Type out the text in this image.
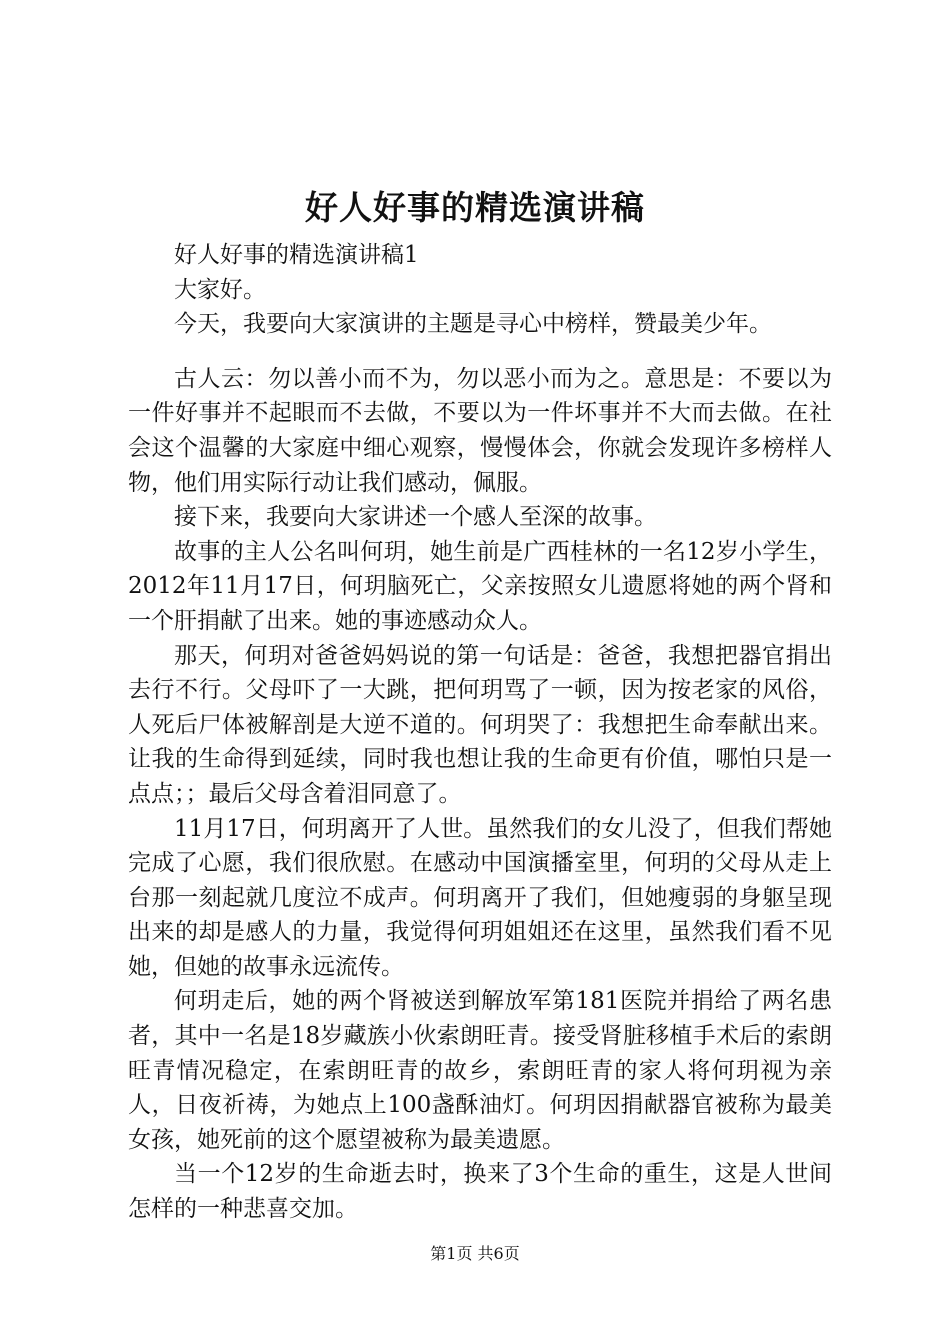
好人好事的精选演讲稿

好人好事的精选演讲稿1

大家好。

今天，我要向大家演讲的主题是寻心中榜样，赞最美少年。

古人云：勿以善小而不为，勿以恶小而为之。意思是：不要以为一件好事并不起眼而不去做，不要以为一件坏事并不大而去做。在社会这个温馨的大家庭中细心观察，慢慢体会，你就会发现许多榜样人物，他们用实际行动让我们感动，佩服。

接下来，我要向大家讲述一个感人至深的故事。

故事的主人公名叫何玥，她生前是广西桂林的一名12岁小学生，2012年11月17日，何玥脑死亡，父亲按照女儿遗愿将她的两个肾和一个肝捐献了出来。她的事迹感动众人。

那天，何玥对爸爸妈妈说的第一句话是：爸爸，我想把器官捐出去行不行。父母吓了一大跳，把何玥骂了一顿，因为按老家的风俗，人死后尸体被解剖是大逆不道的。何玥哭了：我想把生命奉献出来。让我的生命得到延续，同时我也想让我的生命更有价值，哪怕只是一点点；；最后父母含着泪同意了。

11月17日，何玥离开了人世。虽然我们的女儿没了，但我们帮她完成了心愿，我们很欣慰。在感动中国演播室里，何玥的父母从走上台那一刻起就几度泣不成声。何玥离开了我们，但她瘦弱的身躯呈现出来的却是感人的力量，我觉得何玥姐姐还在这里，虽然我们看不见她，但她的故事永远流传。

何玥走后，她的两个肾被送到解放军第181医院并捐给了两名患者，其中一名是18岁藏族小伙索朗旺青。接受肾脏移植手术后的索朗旺青情况稳定，在索朗旺青的故乡，索朗旺青的家人将何玥视为亲人，日夜祈祷，为她点上100盏酥油灯。何玥因捐献器官被称为最美女孩，她死前的这个愿望被称为最美遗愿。

当一个12岁的生命逝去时，换来了3个生命的重生，这是人世间怎样的一种悲喜交加。

第1页 共6页
